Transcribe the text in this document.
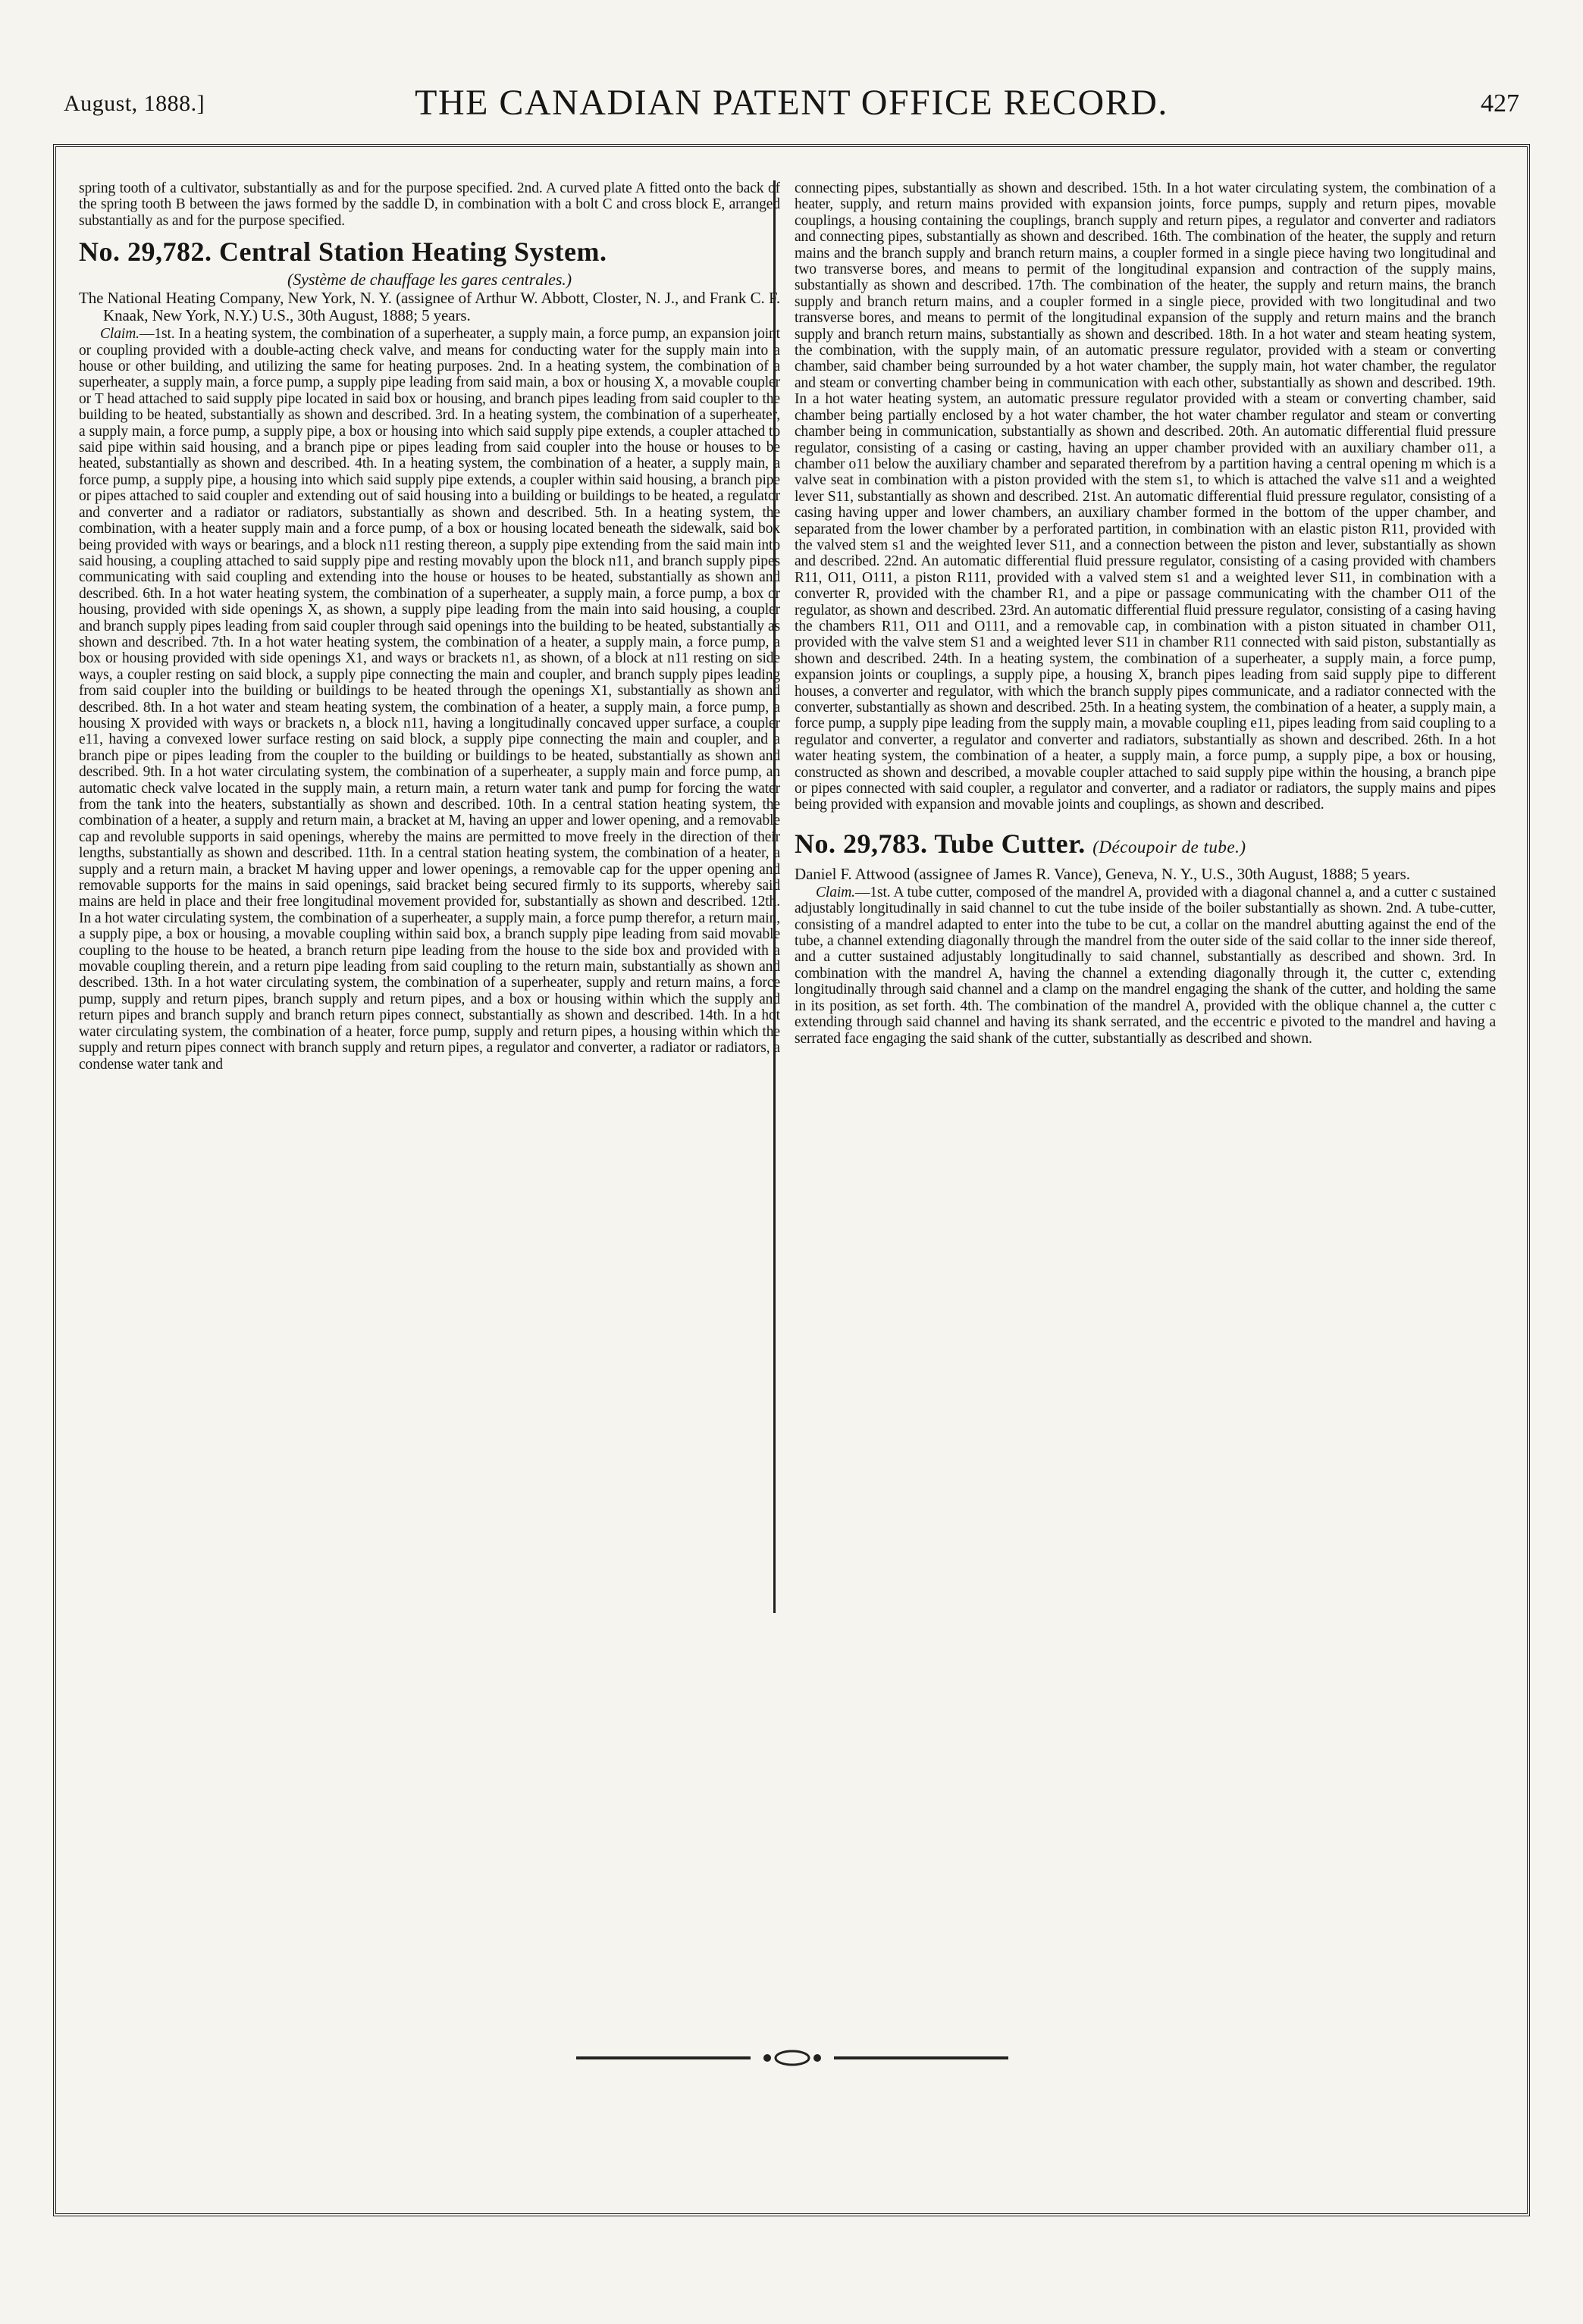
August, 1888.]	THE CANADIAN PATENT OFFICE RECORD.	427

spring tooth of a cultivator, substantially as and for the purpose specified. 2nd. A curved plate A fitted onto the back of the spring tooth B between the jaws formed by the saddle D, in combination with a bolt C and cross block E, arranged substantially as and for the purpose specified.

No. 29,782. Central Station Heating System.
(Système de chauffage les gares centrales.)

The National Heating Company, New York, N. Y. (assignee of Arthur W. Abbott, Closter, N. J., and Frank C. F. Knaak, New York, N.Y.) U.S., 30th August, 1888; 5 years.

Claim.—1st. In a heating system, the combination of a superheater, a supply main, a force pump, an expansion joint or coupling provided with a double-acting check valve, and means for conducting water for the supply main into a house or other building, and utilizing the same for heating purposes. 2nd. In a heating system, the combination of a superheater, a supply main, a force pump, a supply pipe leading from said main, a box or housing X, a movable coupler or T head attached to said supply pipe located in said box or housing, and branch pipes leading from said coupler to the building to be heated, substantially as shown and described. 3rd. In a heating system, the combination of a superheater, a supply main, a force pump, a supply pipe, a box or housing into which said supply pipe extends, a coupler attached to said pipe within said housing, and a branch pipe or pipes leading from said coupler into the house or houses to be heated, substantially as shown and described. 4th. In a heating system, the combination of a heater, a supply main, a force pump, a supply pipe, a housing into which said supply pipe extends, a coupler within said housing, a branch pipe or pipes attached to said coupler and extending out of said housing into a building or buildings to be heated, a regulator and converter and a radiator or radiators, substantially as shown and described. 5th. In a heating system, the combination, with a heater supply main and a force pump, of a box or housing located beneath the sidewalk, said box being provided with ways or bearings, and a block n11 resting thereon, a supply pipe extending from the said main into said housing, a coupling attached to said supply pipe and resting movably upon the block n11, and branch supply pipes communicating with said coupling and extending into the house or houses to be heated, substantially as shown and described. 6th. In a hot water heating system, the combination of a superheater, a supply main, a force pump, a box or housing, provided with side openings X, as shown, a supply pipe leading from the main into said housing, a coupler and branch supply pipes leading from said coupler through said openings into the building to be heated, substantially as shown and described. 7th. In a hot water heating system, the combination of a heater, a supply main, a force pump, a box or housing provided with side openings X1, and ways or brackets n1, as shown, of a block at n11 resting on side ways, a coupler resting on said block, a supply pipe connecting the main and coupler, and branch supply pipes leading from said coupler into the building or buildings to be heated through the openings X1, substantially as shown and described. 8th. In a hot water and steam heating system, the combination of a heater, a supply main, a force pump, a housing X provided with ways or brackets n, a block n11, having a longitudinally concaved upper surface, a coupler e11, having a convexed lower surface resting on said block, a supply pipe connecting the main and coupler, and a branch pipe or pipes leading from the coupler to the building or buildings to be heated, substantially as shown and described. 9th. In a hot water circulating system, the combination of a superheater, a supply main and force pump, an automatic check valve located in the supply main, a return main, a return water tank and pump for forcing the water from the tank into the heaters, substantially as shown and described. 10th. In a central station heating system, the combination of a heater, a supply and return main, a bracket at M, having an upper and lower opening, and a removable cap and revoluble supports in said openings, whereby the mains are permitted to move freely in the direction of their lengths, substantially as shown and described. 11th. In a central station heating system, the combination of a heater, a supply and a return main, a bracket M having upper and lower openings, a removable cap for the upper opening and removable supports for the mains in said openings, said bracket being secured firmly to its supports, whereby said mains are held in place and their free longitudinal movement provided for, substantially as shown and described. 12th. In a hot water circulating system, the combination of a superheater, a supply main, a force pump therefor, a return main, a supply pipe, a box or housing, a movable coupling within said box, a branch supply pipe leading from said movable coupling to the house to be heated, a branch return pipe leading from the house to the side box and provided with a movable coupling therein, and a return pipe leading from said coupling to the return main, substantially as shown and described. 13th. In a hot water circulating system, the combination of a superheater, supply and return mains, a force pump, supply and return pipes, branch supply and return pipes, and a box or housing within which the supply and return pipes and branch supply and branch return pipes connect, substantially as shown and described. 14th. In a hot water circulating system, the combination of a heater, force pump, supply and return pipes, a housing within which the supply and return pipes connect with branch supply and return pipes, a regulator and converter, a radiator or radiators, a condense water tank and

connecting pipes, substantially as shown and described. 15th. In a hot water circulating system, the combination of a heater, supply, and return mains provided with expansion joints, force pumps, supply and return pipes, movable couplings, a housing containing the couplings, branch supply and return pipes, a regulator and converter and radiators and connecting pipes, substantially as shown and described. 16th. The combination of the heater, the supply and return mains and the branch supply and branch return mains, a coupler formed in a single piece having two longitudinal and two transverse bores, and means to permit of the longitudinal expansion and contraction of the supply mains, substantially as shown and described. 17th. The combination of the heater, the supply and return mains, the branch supply and branch return mains, and a coupler formed in a single piece, provided with two longitudinal and two transverse bores, and means to permit of the longitudinal expansion of the supply and return mains and the branch supply and branch return mains, substantially as shown and described. 18th. In a hot water and steam heating system, the combination, with the supply main, of an automatic pressure regulator, provided with a steam or converting chamber, said chamber being surrounded by a hot water chamber, the supply main, hot water chamber, the regulator and steam or converting chamber being in communication with each other, substantially as shown and described. 19th. In a hot water heating system, an automatic pressure regulator provided with a steam or converting chamber, said chamber being partially enclosed by a hot water chamber, the hot water chamber regulator and steam or converting chamber being in communication, substantially as shown and described. 20th. An automatic differential fluid pressure regulator, consisting of a casing or casting, having an upper chamber provided with an auxiliary chamber o11, a chamber o11 below the auxiliary chamber and separated therefrom by a partition having a central opening m which is a valve seat in combination with a piston provided with the stem s1, to which is attached the valve s11 and a weighted lever S11, substantially as shown and described. 21st. An automatic differential fluid pressure regulator, consisting of a casing having upper and lower chambers, an auxiliary chamber formed in the bottom of the upper chamber, and separated from the lower chamber by a perforated partition, in combination with an elastic piston R11, provided with the valved stem s1 and the weighted lever S11, and a connection between the piston and lever, substantially as shown and described. 22nd. An automatic differential fluid pressure regulator, consisting of a casing provided with chambers R11, O11, O111, a piston R111, provided with a valved stem s1 and a weighted lever S11, in combination with a converter R, provided with the chamber R1, and a pipe or passage communicating with the chamber O11 of the regulator, as shown and described. 23rd. An automatic differential fluid pressure regulator, consisting of a casing having the chambers R11, O11 and O111, and a removable cap, in combination with a piston situated in chamber O11, provided with the valve stem S1 and a weighted lever S11 in chamber R11 connected with said piston, substantially as shown and described. 24th. In a heating system, the combination of a superheater, a supply main, a force pump, expansion joints or couplings, a supply pipe, a housing X, branch pipes leading from said supply pipe to different houses, a converter and regulator, with which the branch supply pipes communicate, and a radiator connected with the converter, substantially as shown and described. 25th. In a heating system, the combination of a heater, a supply main, a force pump, a supply pipe leading from the supply main, a movable coupling e11, pipes leading from said coupling to a regulator and converter, a regulator and converter and radiators, substantially as shown and described. 26th. In a hot water heating system, the combination of a heater, a supply main, a force pump, a supply pipe, a box or housing, constructed as shown and described, a movable coupler attached to said supply pipe within the housing, a branch pipe or pipes connected with said coupler, a regulator and converter, and a radiator or radiators, the supply mains and pipes being provided with expansion and movable joints and couplings, as shown and described.

No. 29,783. Tube Cutter. (Découpoir de tube.)

Daniel F. Attwood (assignee of James R. Vance), Geneva, N. Y., U.S., 30th August, 1888; 5 years.

Claim.—1st. A tube cutter, composed of the mandrel A, provided with a diagonal channel a, and a cutter c sustained adjustably longitudinally in said channel to cut the tube inside of the boiler substantially as shown. 2nd. A tube-cutter, consisting of a mandrel adapted to enter into the tube to be cut, a collar on the mandrel abutting against the end of the tube, a channel extending diagonally through the mandrel from the outer side of the said collar to the inner side thereof, and a cutter sustained adjustably longitudinally to said channel, substantially as described and shown. 3rd. In combination with the mandrel A, having the channel a extending diagonally through it, the cutter c, extending longitudinally through said channel and a clamp on the mandrel engaging the shank of the cutter, and holding the same in its position, as set forth. 4th. The combination of the mandrel A, provided with the oblique channel a, the cutter c extending through said channel and having its shank serrated, and the eccentric e pivoted to the mandrel and having a serrated face engaging the said shank of the cutter, substantially as described and shown.
